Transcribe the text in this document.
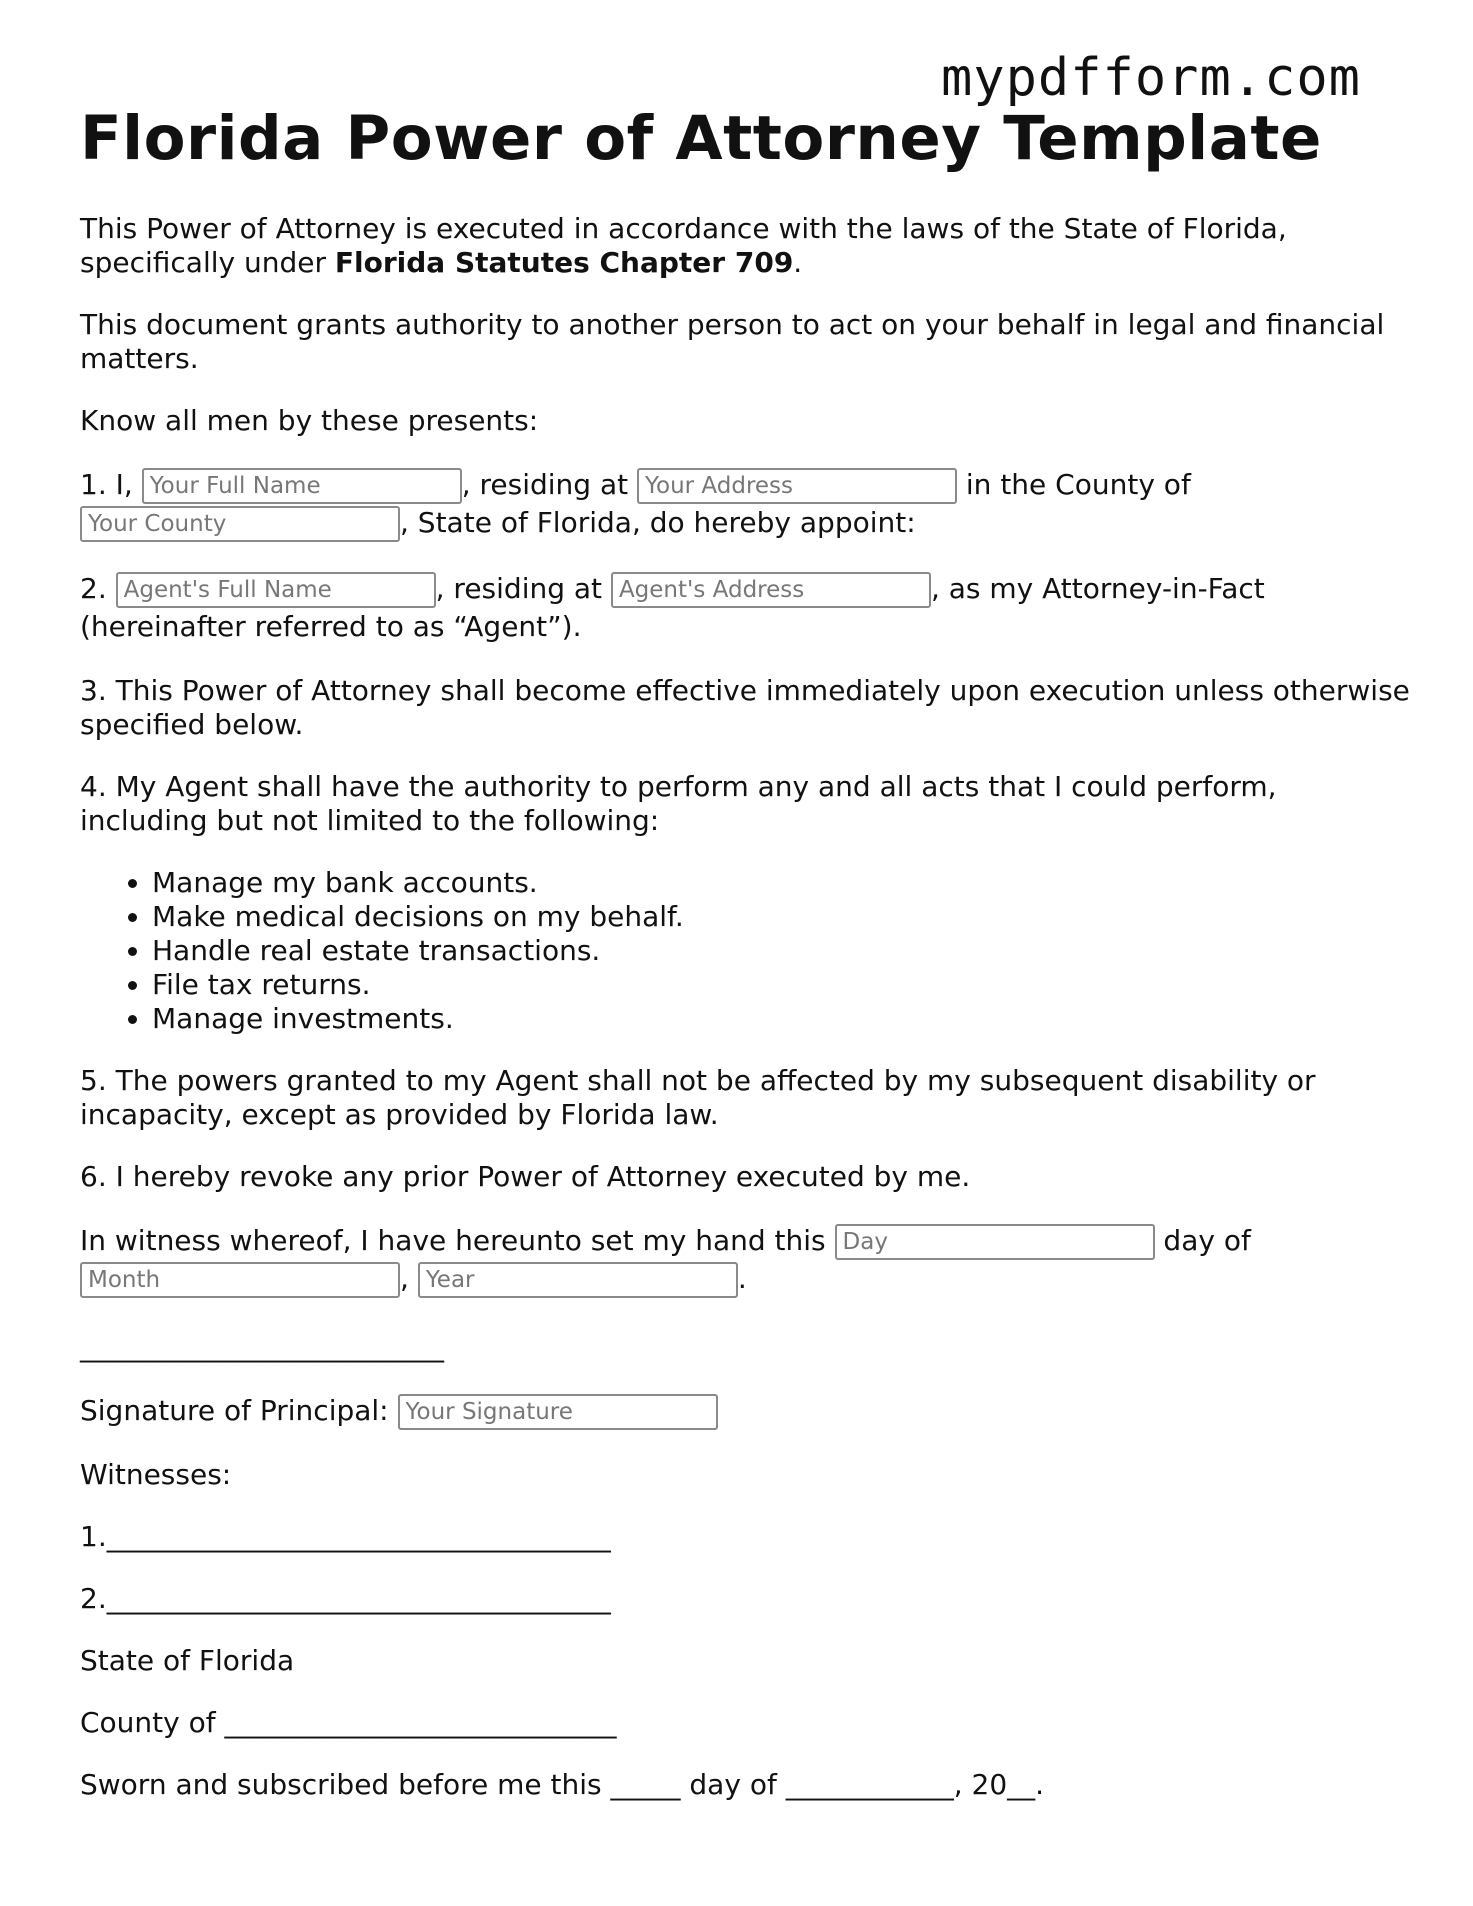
mypdfform.com
Florida Power of Attorney Template

This Power of Attorney is executed in accordance with the laws of the State of Florida, specifically under Florida Statutes Chapter 709.

This document grants authority to another person to act on your behalf in legal and financial matters.

Know all men by these presents:

1. I, Your Full Name	, residing at Your Address	in the County of
Your County, State of Florida, do hereby appoint:

2. Agent's Full Name	, residing at Agent's Address	, as my Attorney-in-Fact (hereinafter referred to as “Agent”).

3. This Power of Attorney shall become effective immediately upon execution unless otherwise specified below.

4. My Agent shall have the authority to perform any and all acts that I could perform, including but not limited to the following:

• Manage my bank accounts.
• Make medical decisions on my behalf.
• Handle real estate transactions.
• File tax returns.
• Manage investments.

5. The powers granted to my Agent shall not be affected by my subsequent disability or incapacity, except as provided by Florida law.

6. I hereby revoke any prior Power of Attorney executed by me.

In witness whereof, I have hereunto set my hand this Day	day of
Month, Year	.

__________________________

Signature of Principal: Your Signature

Witnesses:

1.____________________________________

2.____________________________________

State of Florida

County of ____________________________

Sworn and subscribed before me this _____ day of ____________, 20__.
